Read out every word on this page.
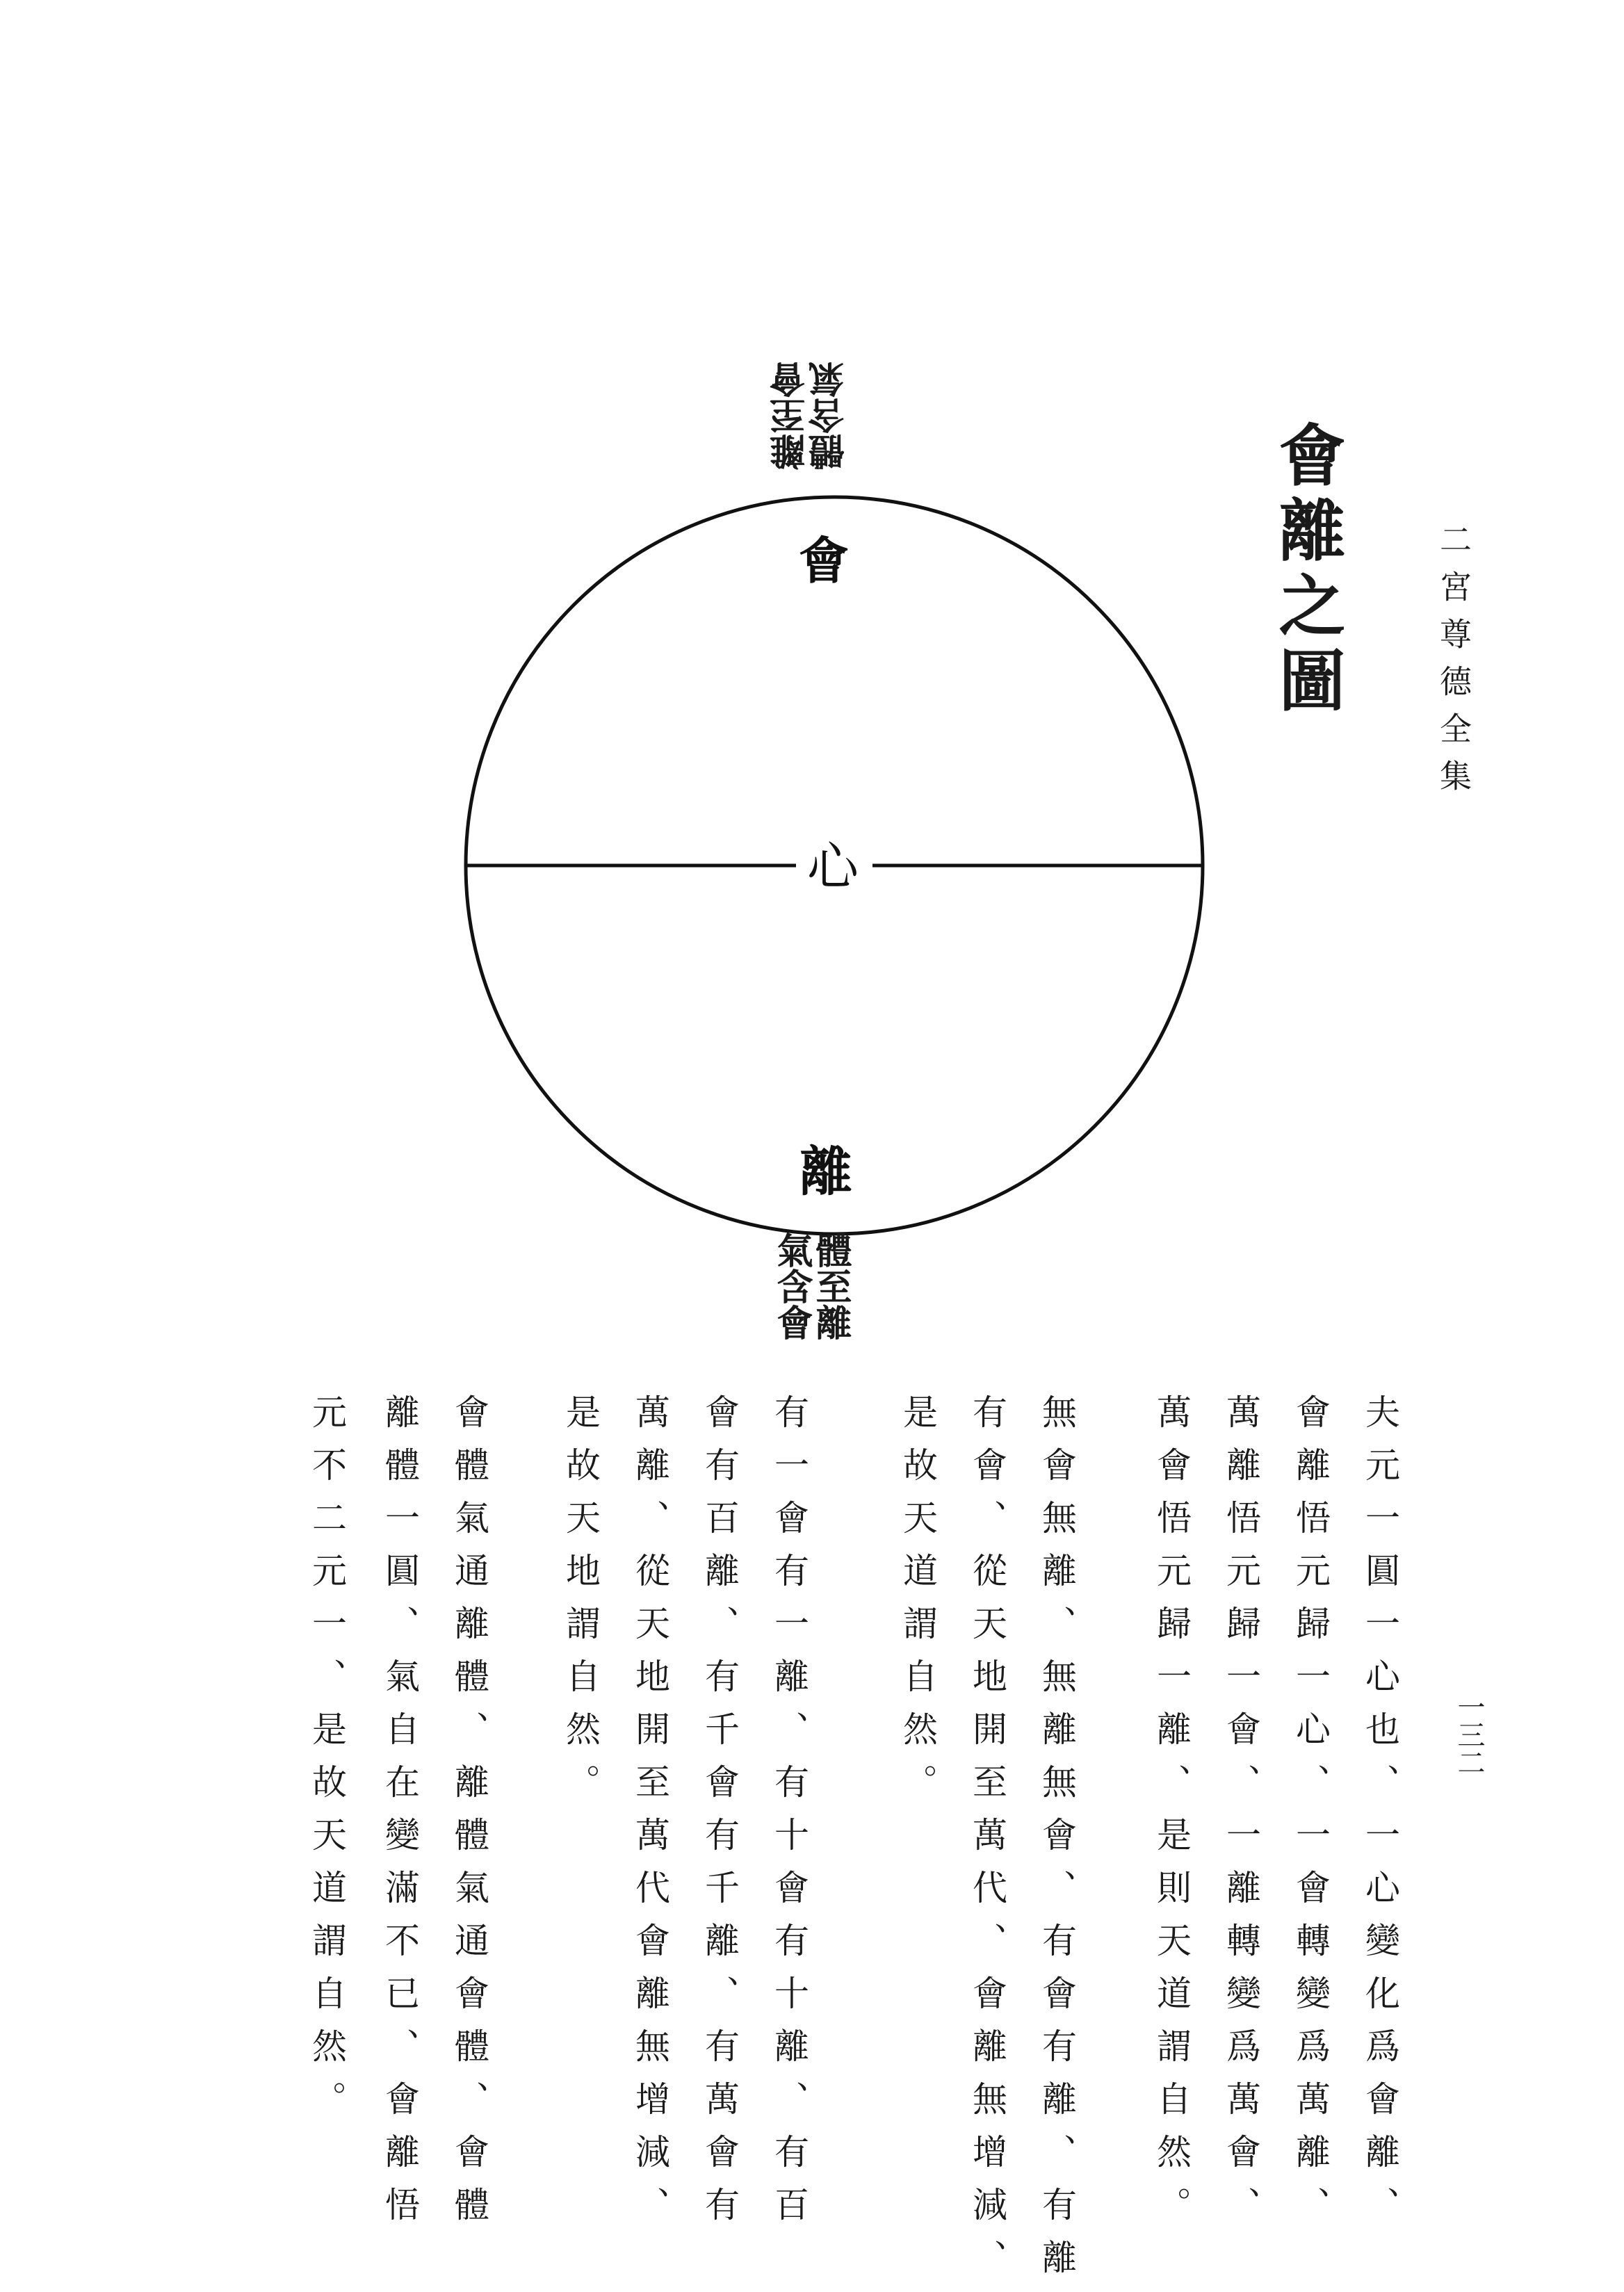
二宮尊德全集
一三二
會離之圖
會
心
離
離至會
體含氣
體至離
氣含會
夫元一圓一心也、一心變化爲會離、
會離悟元歸一心、一會轉變爲萬離、
萬離悟元歸一會、一離轉變爲萬會、
萬會悟元歸一離、是則天道謂自然。
無會無離、無離無會、有會有離、有離
有會、從天地開至萬代、會離無增減、
是故天道謂自然。
有一會有一離、有十會有十離、有百
會有百離、有千會有千離、有萬會有
萬離、從天地開至萬代會離無增減、
是故天地謂自然。
會體氣通離體、離體氣通會體、會體
離體一圓、氣自在變滿不已、會離悟
元不二元一、是故天道謂自然。
